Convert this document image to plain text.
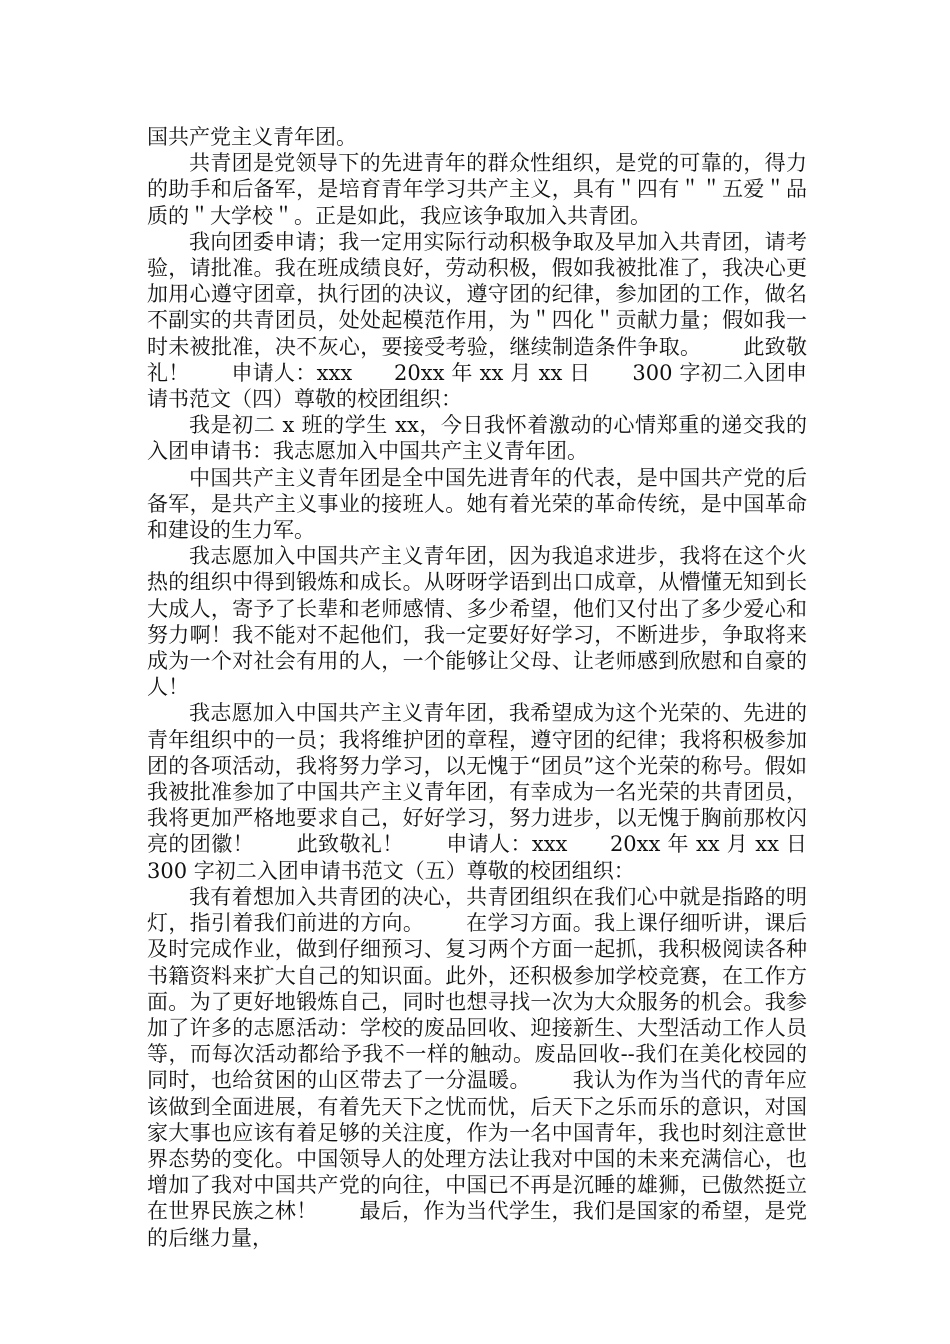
国共产党主义青年团。

共青团是党领导下的先进青年的群众性组织，是党的可靠的，得力的助手和后备军，是培育青年学习共产主义，具有＂四有＂＂五爱＂品质的＂大学校＂。正是如此，我应该争取加入共青团。

我向团委申请；我一定用实际行动积极争取及早加入共青团，请考验，请批准。我在班成绩良好，劳动积极，假如我被批准了，我决心更加用心遵守团章，执行团的决议，遵守团的纪律，参加团的工作，做名不副实的共青团员，处处起模范作用，为＂四化＂贡献力量；假如我一时未被批准，决不灰心，要接受考验，继续制造条件争取。      此致敬礼！      申请人：xxx      20xx 年 xx 月 xx 日      300 字初二入团申请书范文（四）尊敬的校团组织：

我是初二 x 班的学生 xx，今日我怀着激动的心情郑重的递交我的入团申请书：我志愿加入中国共产主义青年团。

中国共产主义青年团是全中国先进青年的代表，是中国共产党的后备军，是共产主义事业的接班人。她有着光荣的革命传统，是中国革命和建设的生力军。

我志愿加入中国共产主义青年团，因为我追求进步，我将在这个火热的组织中得到锻炼和成长。从呀呀学语到出口成章，从懵懂无知到长大成人，寄予了长辈和老师感情、多少希望，他们又付出了多少爱心和努力啊！我不能对不起他们，我一定要好好学习，不断进步，争取将来成为一个对社会有用的人，一个能够让父母、让老师感到欣慰和自豪的人！

我志愿加入中国共产主义青年团，我希望成为这个光荣的、先进的青年组织中的一员；我将维护团的章程，遵守团的纪律；我将积极参加团的各项活动，我将努力学习，以无愧于“团员”这个光荣的称号。假如我被批准参加了中国共产主义青年团，有幸成为一名光荣的共青团员，我将更加严格地要求自己，好好学习，努力进步，以无愧于胸前那枚闪亮的团徽！      此致敬礼！      申请人：xxx      20xx 年 xx 月 xx 日      300 字初二入团申请书范文（五）尊敬的校团组织：

我有着想加入共青团的决心，共青团组织在我们心中就是指路的明灯，指引着我们前进的方向。      在学习方面。我上课仔细听讲，课后及时完成作业，做到仔细预习、复习两个方面一起抓，我积极阅读各种书籍资料来扩大自己的知识面。此外，还积极参加学校竞赛，在工作方面。为了更好地锻炼自己，同时也想寻找一次为大众服务的机会。我参加了许多的志愿活动：学校的废品回收、迎接新生、大型活动工作人员等，而每次活动都给予我不一样的触动。废品回收--我们在美化校园的同时，也给贫困的山区带去了一分温暖。      我认为作为当代的青年应该做到全面进展，有着先天下之忧而忧，后天下之乐而乐的意识，对国家大事也应该有着足够的关注度，作为一名中国青年，我也时刻注意世界态势的变化。中国领导人的处理方法让我对中国的未来充满信心，也增加了我对中国共产党的向往，中国已不再是沉睡的雄狮，已傲然挺立在世界民族之林！      最后，作为当代学生，我们是国家的希望，是党的后继力量，
